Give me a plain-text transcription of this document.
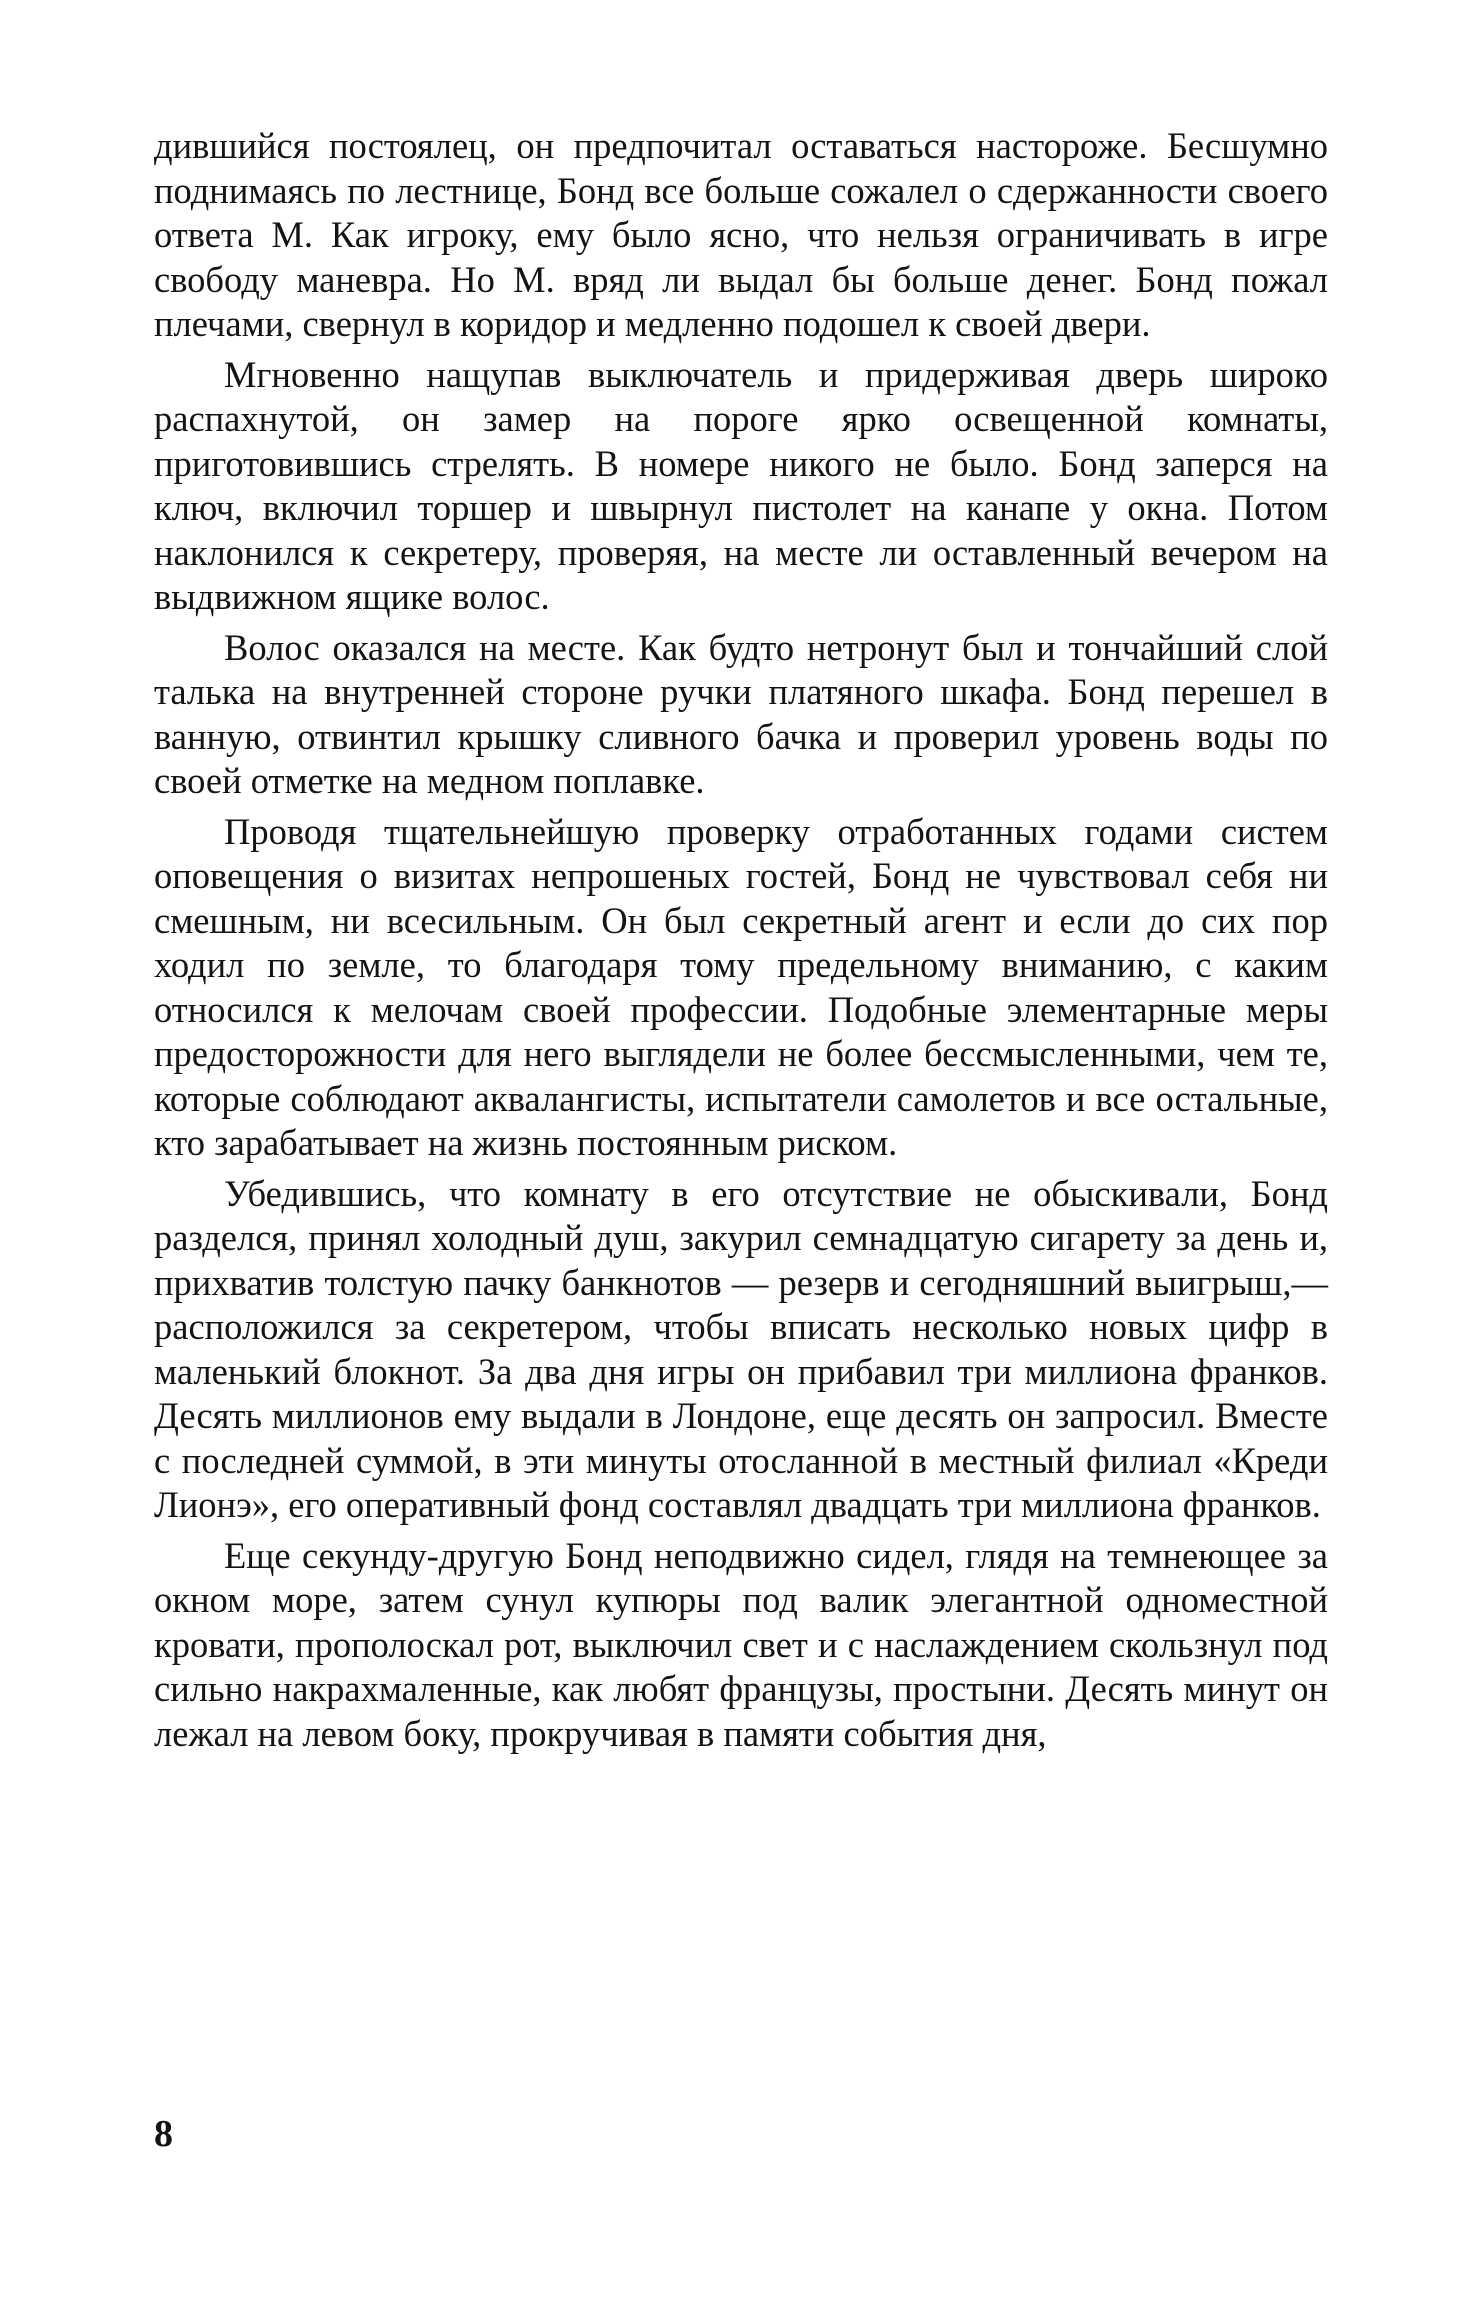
дившийся постоялец, он предпочитал оставаться настороже. Бесшумно поднимаясь по лестнице, Бонд все больше сожалел о сдержанности своего ответа М. Как игроку, ему было ясно, что нельзя ограничивать в игре свободу маневра. Но М. вряд ли выдал бы больше денег. Бонд пожал плечами, свернул в коридор и медленно подошел к своей двери.

Мгновенно нащупав выключатель и придерживая дверь широко распахнутой, он замер на пороге ярко освещенной комнаты, приготовившись стрелять. В номере никого не было. Бонд заперся на ключ, включил торшер и швырнул пистолет на канапе у окна. Потом наклонился к секретеру, проверяя, на месте ли оставленный вечером на выдвижном ящике волос.

Волос оказался на месте. Как будто нетронут был и тончайший слой талька на внутренней стороне ручки платяного шкафа. Бонд перешел в ванную, отвинтил крышку сливного бачка и проверил уровень воды по своей отметке на медном поплавке.

Проводя тщательнейшую проверку отработанных годами систем оповещения о визитах непрошеных гостей, Бонд не чувствовал себя ни смешным, ни всесильным. Он был секретный агент и если до сих пор ходил по земле, то благодаря тому предельному вниманию, с каким относился к мелочам своей профессии. Подобные элементарные меры предосторожности для него выглядели не более бессмысленными, чем те, которые соблюдают аквалангисты, испытатели самолетов и все остальные, кто зарабатывает на жизнь постоянным риском.

Убедившись, что комнату в его отсутствие не обыскивали, Бонд разделся, принял холодный душ, закурил семнадцатую сигарету за день и, прихватив толстую пачку банкнотов — резерв и сегодняшний выигрыш,— расположился за секретером, чтобы вписать несколько новых цифр в маленький блокнот. За два дня игры он прибавил три миллиона франков. Десять миллионов ему выдали в Лондоне, еще десять он запросил. Вместе с последней суммой, в эти минуты отосланной в местный филиал «Креди Лионэ», его оперативный фонд составлял двадцать три миллиона франков.

Еще секунду-другую Бонд неподвижно сидел, глядя на темнеющее за окном море, затем сунул купюры под валик элегантной одноместной кровати, прополоскал рот, выключил свет и с наслаждением скользнул под сильно накрахмаленные, как любят французы, простыни. Десять минут он лежал на левом боку, прокручивая в памяти события дня,

8
